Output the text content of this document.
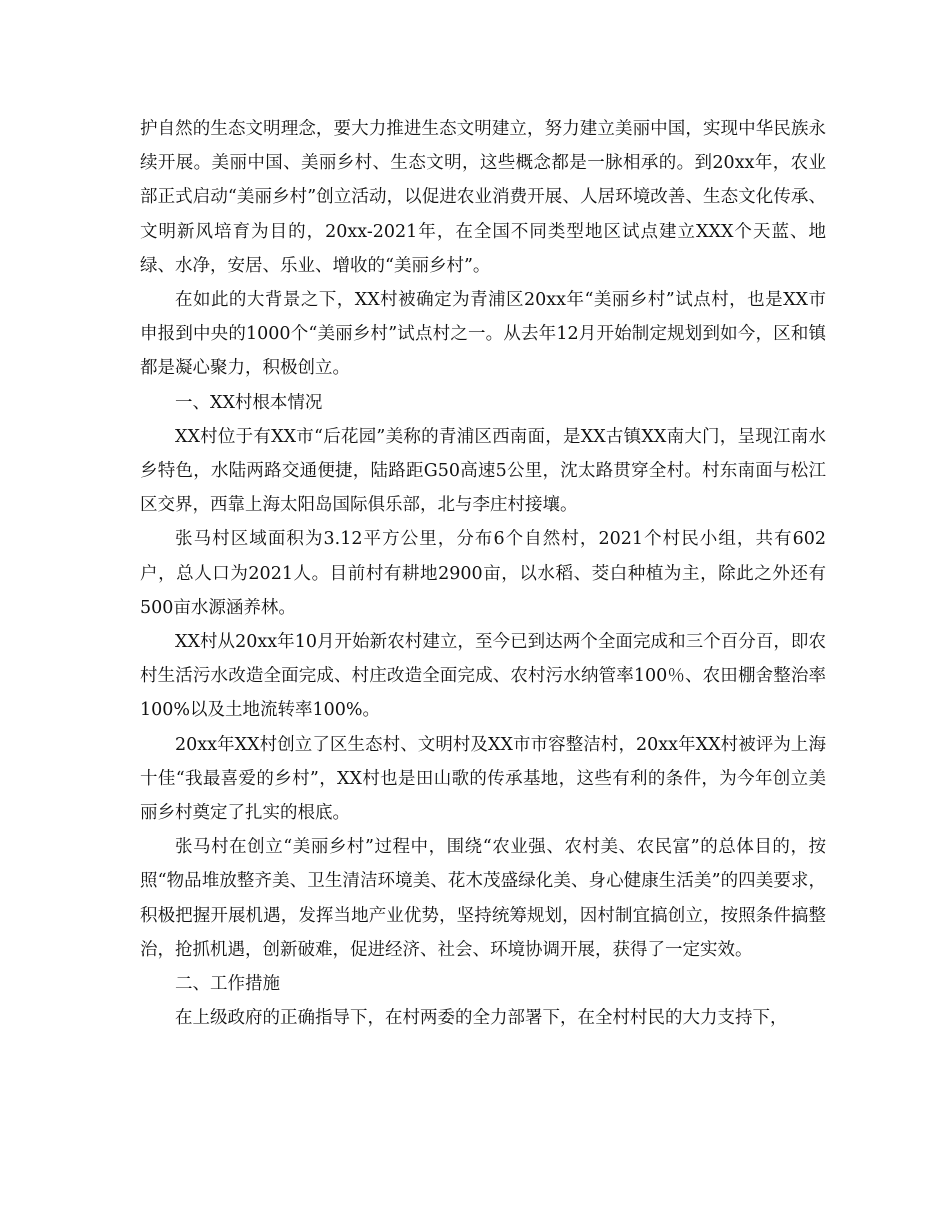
护自然的生态文明理念，要大力推进生态文明建立，努力建立美丽中国，实现中华民族永续开展。美丽中国、美丽乡村、生态文明，这些概念都是一脉相承的。到20xx年，农业部正式启动“美丽乡村”创立活动，以促进农业消费开展、人居环境改善、生态文化传承、文明新风培育为目的，20xx-2021年，在全国不同类型地区试点建立XXX个天蓝、地绿、水净，安居、乐业、增收的“美丽乡村”。

在如此的大背景之下，XX村被确定为青浦区20xx年“美丽乡村”试点村，也是XX市申报到中央的1000个“美丽乡村”试点村之一。从去年12月开始制定规划到如今，区和镇都是凝心聚力，积极创立。

一、XX村根本情况

XX村位于有XX市“后花园”美称的青浦区西南面，是XX古镇XX南大门，呈现江南水乡特色，水陆两路交通便捷，陆路距G50高速5公里，沈太路贯穿全村。村东南面与松江区交界，西靠上海太阳岛国际俱乐部，北与李庄村接壤。

张马村区域面积为3.12平方公里，分布6个自然村，2021个村民小组，共有602户，总人口为2021人。目前村有耕地2900亩，以水稻、茭白种植为主，除此之外还有500亩水源涵养林。

XX村从20xx年10月开始新农村建立，至今已到达两个全面完成和三个百分百，即农村生活污水改造全面完成、村庄改造全面完成、农村污水纳管率100％、农田棚舍整治率100%以及土地流转率100%。

20xx年XX村创立了区生态村、文明村及XX市市容整洁村，20xx年XX村被评为上海十佳“我最喜爱的乡村”，XX村也是田山歌的传承基地，这些有利的条件，为今年创立美丽乡村奠定了扎实的根底。

张马村在创立“美丽乡村”过程中，围绕“农业强、农村美、农民富”的总体目的，按照“物品堆放整齐美、卫生清洁环境美、花木茂盛绿化美、身心健康生活美”的四美要求，积极把握开展机遇，发挥当地产业优势，坚持统筹规划，因村制宜搞创立，按照条件搞整治，抢抓机遇，创新破难，促进经济、社会、环境协调开展，获得了一定实效。

二、工作措施

在上级政府的正确指导下，在村两委的全力部署下，在全村村民的大力支持下，
